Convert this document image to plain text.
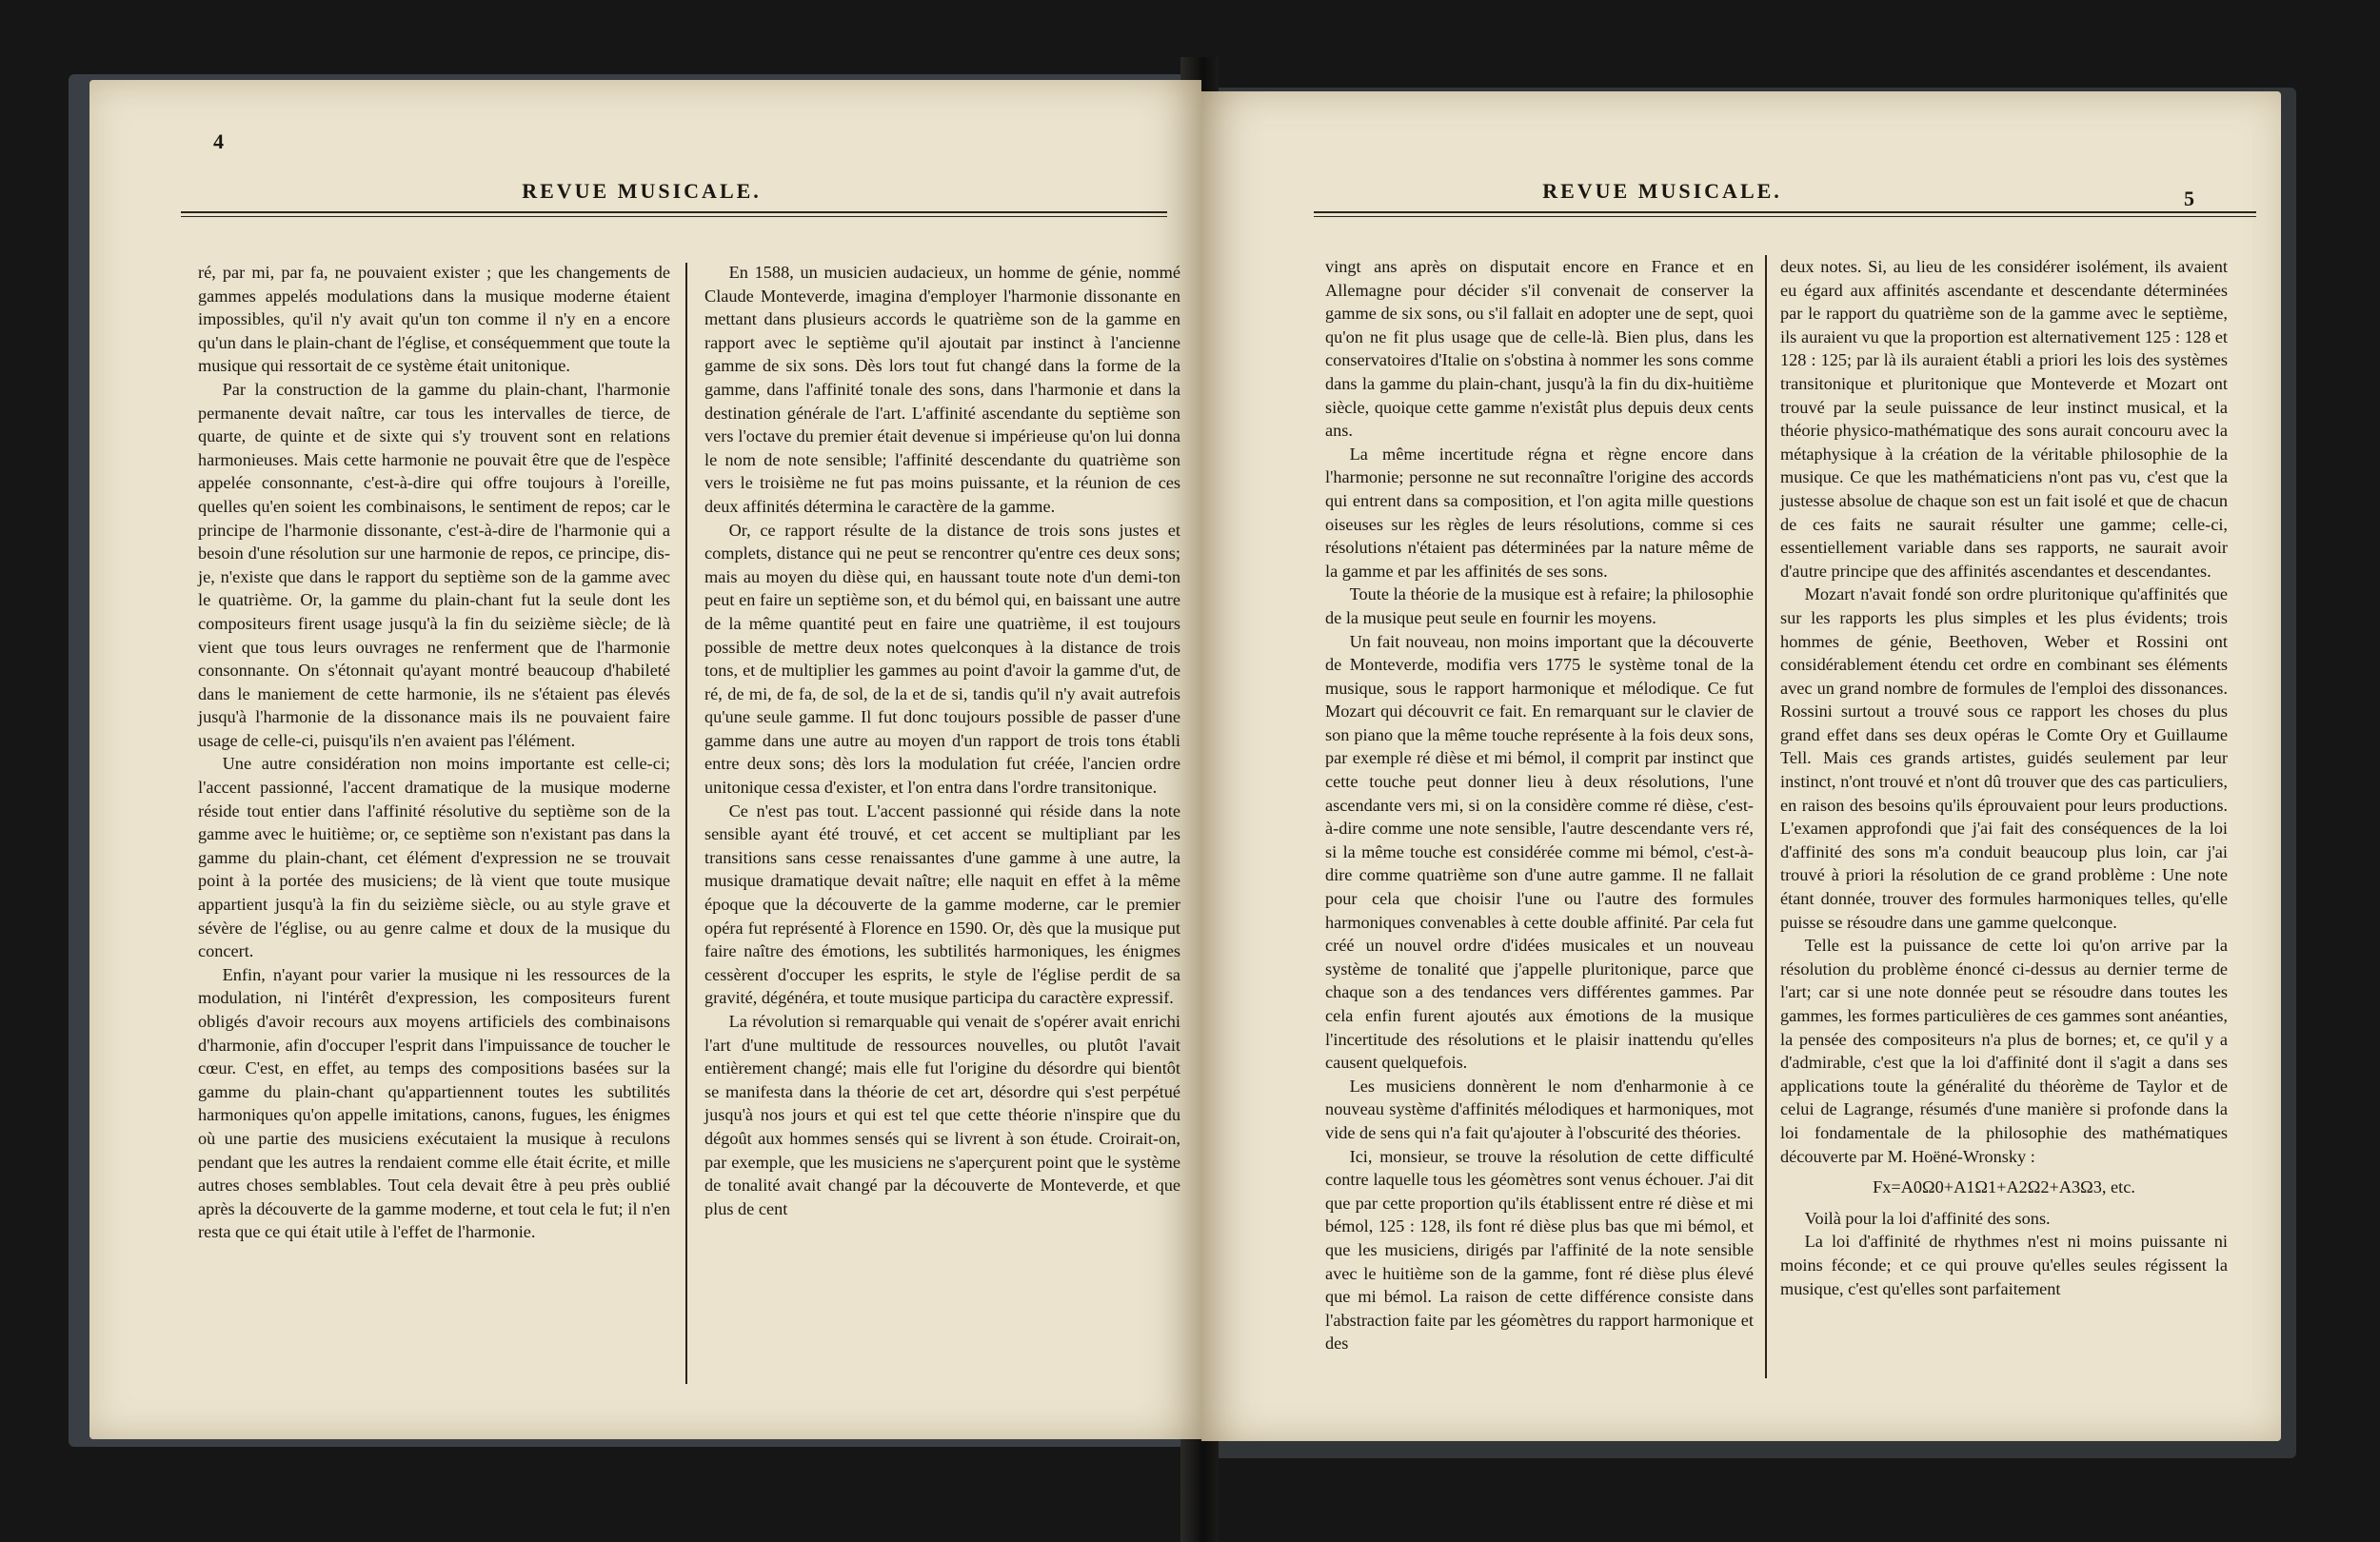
4
REVUE MUSICALE.

ré, par mi, par fa, ne pouvaient exister ; que les changements de gammes appelés modulations dans la musique moderne étaient impossibles, qu'il n'y avait qu'un ton comme il n'y en a encore qu'un dans le plain-chant de l'église, et conséquemment que toute la musique qui ressortait de ce système était unitonique.

Par la construction de la gamme du plain-chant, l'harmonie permanente devait naître, car tous les intervalles de tierce, de quarte, de quinte et de sixte qui s'y trouvent sont en relations harmonieuses. Mais cette harmonie ne pouvait être que de l'espèce appelée consonnante, c'est-à-dire qui offre toujours à l'oreille, quelles qu'en soient les combinaisons, le sentiment de repos; car le principe de l'harmonie dissonante, c'est-à-dire de l'harmonie qui a besoin d'une résolution sur une harmonie de repos, ce principe, dis-je, n'existe que dans le rapport du septième son de la gamme avec le quatrième. Or, la gamme du plain-chant fut la seule dont les compositeurs firent usage jusqu'à la fin du seizième siècle; de là vient que tous leurs ouvrages ne renferment que de l'harmonie consonnante. On s'étonnait qu'ayant montré beaucoup d'habileté dans le maniement de cette harmonie, ils ne s'étaient pas élevés jusqu'à l'harmonie de la dissonance mais ils ne pouvaient faire usage de celle-ci, puisqu'ils n'en avaient pas l'élément.

Une autre considération non moins importante est celle-ci; l'accent passionné, l'accent dramatique de la musique moderne réside tout entier dans l'affinité résolutive du septième son de la gamme avec le huitième; or, ce septième son n'existant pas dans la gamme du plain-chant, cet élément d'expression ne se trouvait point à la portée des musiciens; de là vient que toute musique appartient jusqu'à la fin du seizième siècle, ou au style grave et sévère de l'église, ou au genre calme et doux de la musique du concert.

Enfin, n'ayant pour varier la musique ni les ressources de la modulation, ni l'intérêt d'expression, les compositeurs furent obligés d'avoir recours aux moyens artificiels des combinaisons d'harmonie, afin d'occuper l'esprit dans l'impuissance de toucher le cœur. C'est, en effet, au temps des compositions basées sur la gamme du plain-chant qu'appartiennent toutes les subtilités harmoniques qu'on appelle imitations, canons, fugues, les énigmes où une partie des musiciens exécutaient la musique à reculons pendant que les autres la rendaient comme elle était écrite, et mille autres choses semblables. Tout cela devait être à peu près oublié après la découverte de la gamme moderne, et tout cela le fut; il n'en resta que ce qui était utile à l'effet de l'harmonie.

En 1588, un musicien audacieux, un homme de génie, nommé Claude Monteverde, imagina d'employer l'harmonie dissonante en mettant dans plusieurs accords le quatrième son de la gamme en rapport avec le septième qu'il ajoutait par instinct à l'ancienne gamme de six sons. Dès lors tout fut changé dans la forme de la gamme, dans l'affinité tonale des sons, dans l'harmonie et dans la destination générale de l'art. L'affinité ascendante du septième son vers l'octave du premier était devenue si impérieuse qu'on lui donna le nom de note sensible; l'affinité descendante du quatrième son vers le troisième ne fut pas moins puissante, et la réunion de ces deux affinités détermina le caractère de la gamme.

Or, ce rapport résulte de la distance de trois sons justes et complets, distance qui ne peut se rencontrer qu'entre ces deux sons; mais au moyen du dièse qui, en haussant toute note d'un demi-ton peut en faire un septième son, et du bémol qui, en baissant une autre de la même quantité peut en faire une quatrième, il est toujours possible de mettre deux notes quelconques à la distance de trois tons, et de multiplier les gammes au point d'avoir la gamme d'ut, de ré, de mi, de fa, de sol, de la et de si, tandis qu'il n'y avait autrefois qu'une seule gamme. Il fut donc toujours possible de passer d'une gamme dans une autre au moyen d'un rapport de trois tons établi entre deux sons; dès lors la modulation fut créée, l'ancien ordre unitonique cessa d'exister, et l'on entra dans l'ordre transitonique.

Ce n'est pas tout. L'accent passionné qui réside dans la note sensible ayant été trouvé, et cet accent se multipliant par les transitions sans cesse renaissantes d'une gamme à une autre, la musique dramatique devait naître; elle naquit en effet à la même époque que la découverte de la gamme moderne, car le premier opéra fut représenté à Florence en 1590. Or, dès que la musique put faire naître des émotions, les subtilités harmoniques, les énigmes cessèrent d'occuper les esprits, le style de l'église perdit de sa gravité, dégénéra, et toute musique participa du caractère expressif.

La révolution si remarquable qui venait de s'opérer avait enrichi l'art d'une multitude de ressources nouvelles, ou plutôt l'avait entièrement changé; mais elle fut l'origine du désordre qui bientôt se manifesta dans la théorie de cet art, désordre qui s'est perpétué jusqu'à nos jours et qui est tel que cette théorie n'inspire que du dégoût aux hommes sensés qui se livrent à son étude. Croirait-on, par exemple, que les musiciens ne s'aperçurent point que le système de tonalité avait changé par la découverte de Monteverde, et que plus de cent

REVUE MUSICALE.	5

vingt ans après on disputait encore en France et en Allemagne pour décider s'il convenait de conserver la gamme de six sons, ou s'il fallait en adopter une de sept, quoi qu'on ne fit plus usage que de celle-là. Bien plus, dans les conservatoires d'Italie on s'obstina à nommer les sons comme dans la gamme du plain-chant, jusqu'à la fin du dix-huitième siècle, quoique cette gamme n'existât plus depuis deux cents ans.

La même incertitude régna et règne encore dans l'harmonie; personne ne sut reconnaître l'origine des accords qui entrent dans sa composition, et l'on agita mille questions oiseuses sur les règles de leurs résolutions, comme si ces résolutions n'étaient pas déterminées par la nature même de la gamme et par les affinités de ses sons.

Toute la théorie de la musique est à refaire; la philosophie de la musique peut seule en fournir les moyens.

Un fait nouveau, non moins important que la découverte de Monteverde, modifia vers 1775 le système tonal de la musique, sous le rapport harmonique et mélodique. Ce fut Mozart qui découvrit ce fait. En remarquant sur le clavier de son piano que la même touche représente à la fois deux sons, par exemple ré dièse et mi bémol, il comprit par instinct que cette touche peut donner lieu à deux résolutions, l'une ascendante vers mi, si on la considère comme ré dièse, c'est-à-dire comme une note sensible, l'autre descendante vers ré, si la même touche est considérée comme mi bémol, c'est-à-dire comme quatrième son d'une autre gamme. Il ne fallait pour cela que choisir l'une ou l'autre des formules harmoniques convenables à cette double affinité. Par cela fut créé un nouvel ordre d'idées musicales et un nouveau système de tonalité que j'appelle pluritonique, parce que chaque son a des tendances vers différentes gammes. Par cela enfin furent ajoutés aux émotions de la musique l'incertitude des résolutions et le plaisir inattendu qu'elles causent quelquefois.

Les musiciens donnèrent le nom d'enharmonie à ce nouveau système d'affinités mélodiques et harmoniques, mot vide de sens qui n'a fait qu'ajouter à l'obscurité des théories.

Ici, monsieur, se trouve la résolution de cette difficulté contre laquelle tous les géomètres sont venus échouer. J'ai dit que par cette proportion qu'ils établissent entre ré dièse et mi bémol, 125 : 128, ils font ré dièse plus bas que mi bémol, et que les musiciens, dirigés par l'affinité de la note sensible avec le huitième son de la gamme, font ré dièse plus élevé que mi bémol. La raison de cette différence consiste dans l'abstraction faite par les géomètres du rapport harmonique et des

deux notes. Si, au lieu de les considérer isolément, ils avaient eu égard aux affinités ascendante et descendante déterminées par le rapport du quatrième son de la gamme avec le septième, ils auraient vu que la proportion est alternativement 125 : 128 et 128 : 125; par là ils auraient établi a priori les lois des systèmes transitonique et pluritonique que Monteverde et Mozart ont trouvé par la seule puissance de leur instinct musical, et la théorie physico-mathématique des sons aurait concouru avec la métaphysique à la création de la véritable philosophie de la musique. Ce que les mathématiciens n'ont pas vu, c'est que la justesse absolue de chaque son est un fait isolé et que de chacun de ces faits ne saurait résulter une gamme; celle-ci, essentiellement variable dans ses rapports, ne saurait avoir d'autre principe que des affinités ascendantes et descendantes.

Mozart n'avait fondé son ordre pluritonique qu'affinités que sur les rapports les plus simples et les plus évidents; trois hommes de génie, Beethoven, Weber et Rossini ont considérablement étendu cet ordre en combinant ses éléments avec un grand nombre de formules de l'emploi des dissonances. Rossini surtout a trouvé sous ce rapport les choses du plus grand effet dans ses deux opéras le Comte Ory et Guillaume Tell. Mais ces grands artistes, guidés seulement par leur instinct, n'ont trouvé et n'ont dû trouver que des cas particuliers, en raison des besoins qu'ils éprouvaient pour leurs productions. L'examen approfondi que j'ai fait des conséquences de la loi d'affinité des sons m'a conduit beaucoup plus loin, car j'ai trouvé à priori la résolution de ce grand problème : Une note étant donnée, trouver des formules harmoniques telles, qu'elle puisse se résoudre dans une gamme quelconque.

Telle est la puissance de cette loi qu'on arrive par la résolution du problème énoncé ci-dessus au dernier terme de l'art; car si une note donnée peut se résoudre dans toutes les gammes, les formes particulières de ces gammes sont anéanties, la pensée des compositeurs n'a plus de bornes; et, ce qu'il y a d'admirable, c'est que la loi d'affinité dont il s'agit a dans ses applications toute la généralité du théorème de Taylor et de celui de Lagrange, résumés d'une manière si profonde dans la loi fondamentale de la philosophie des mathématiques découverte par M. Hoëné-Wronsky :

Fx=A0Ω0+A1Ω1+A2Ω2+A3Ω3, etc.

Voilà pour la loi d'affinité des sons.

La loi d'affinité de rhythmes n'est ni moins puissante ni moins féconde; et ce qui prouve qu'elles seules régissent la musique, c'est qu'elles sont parfaitement
